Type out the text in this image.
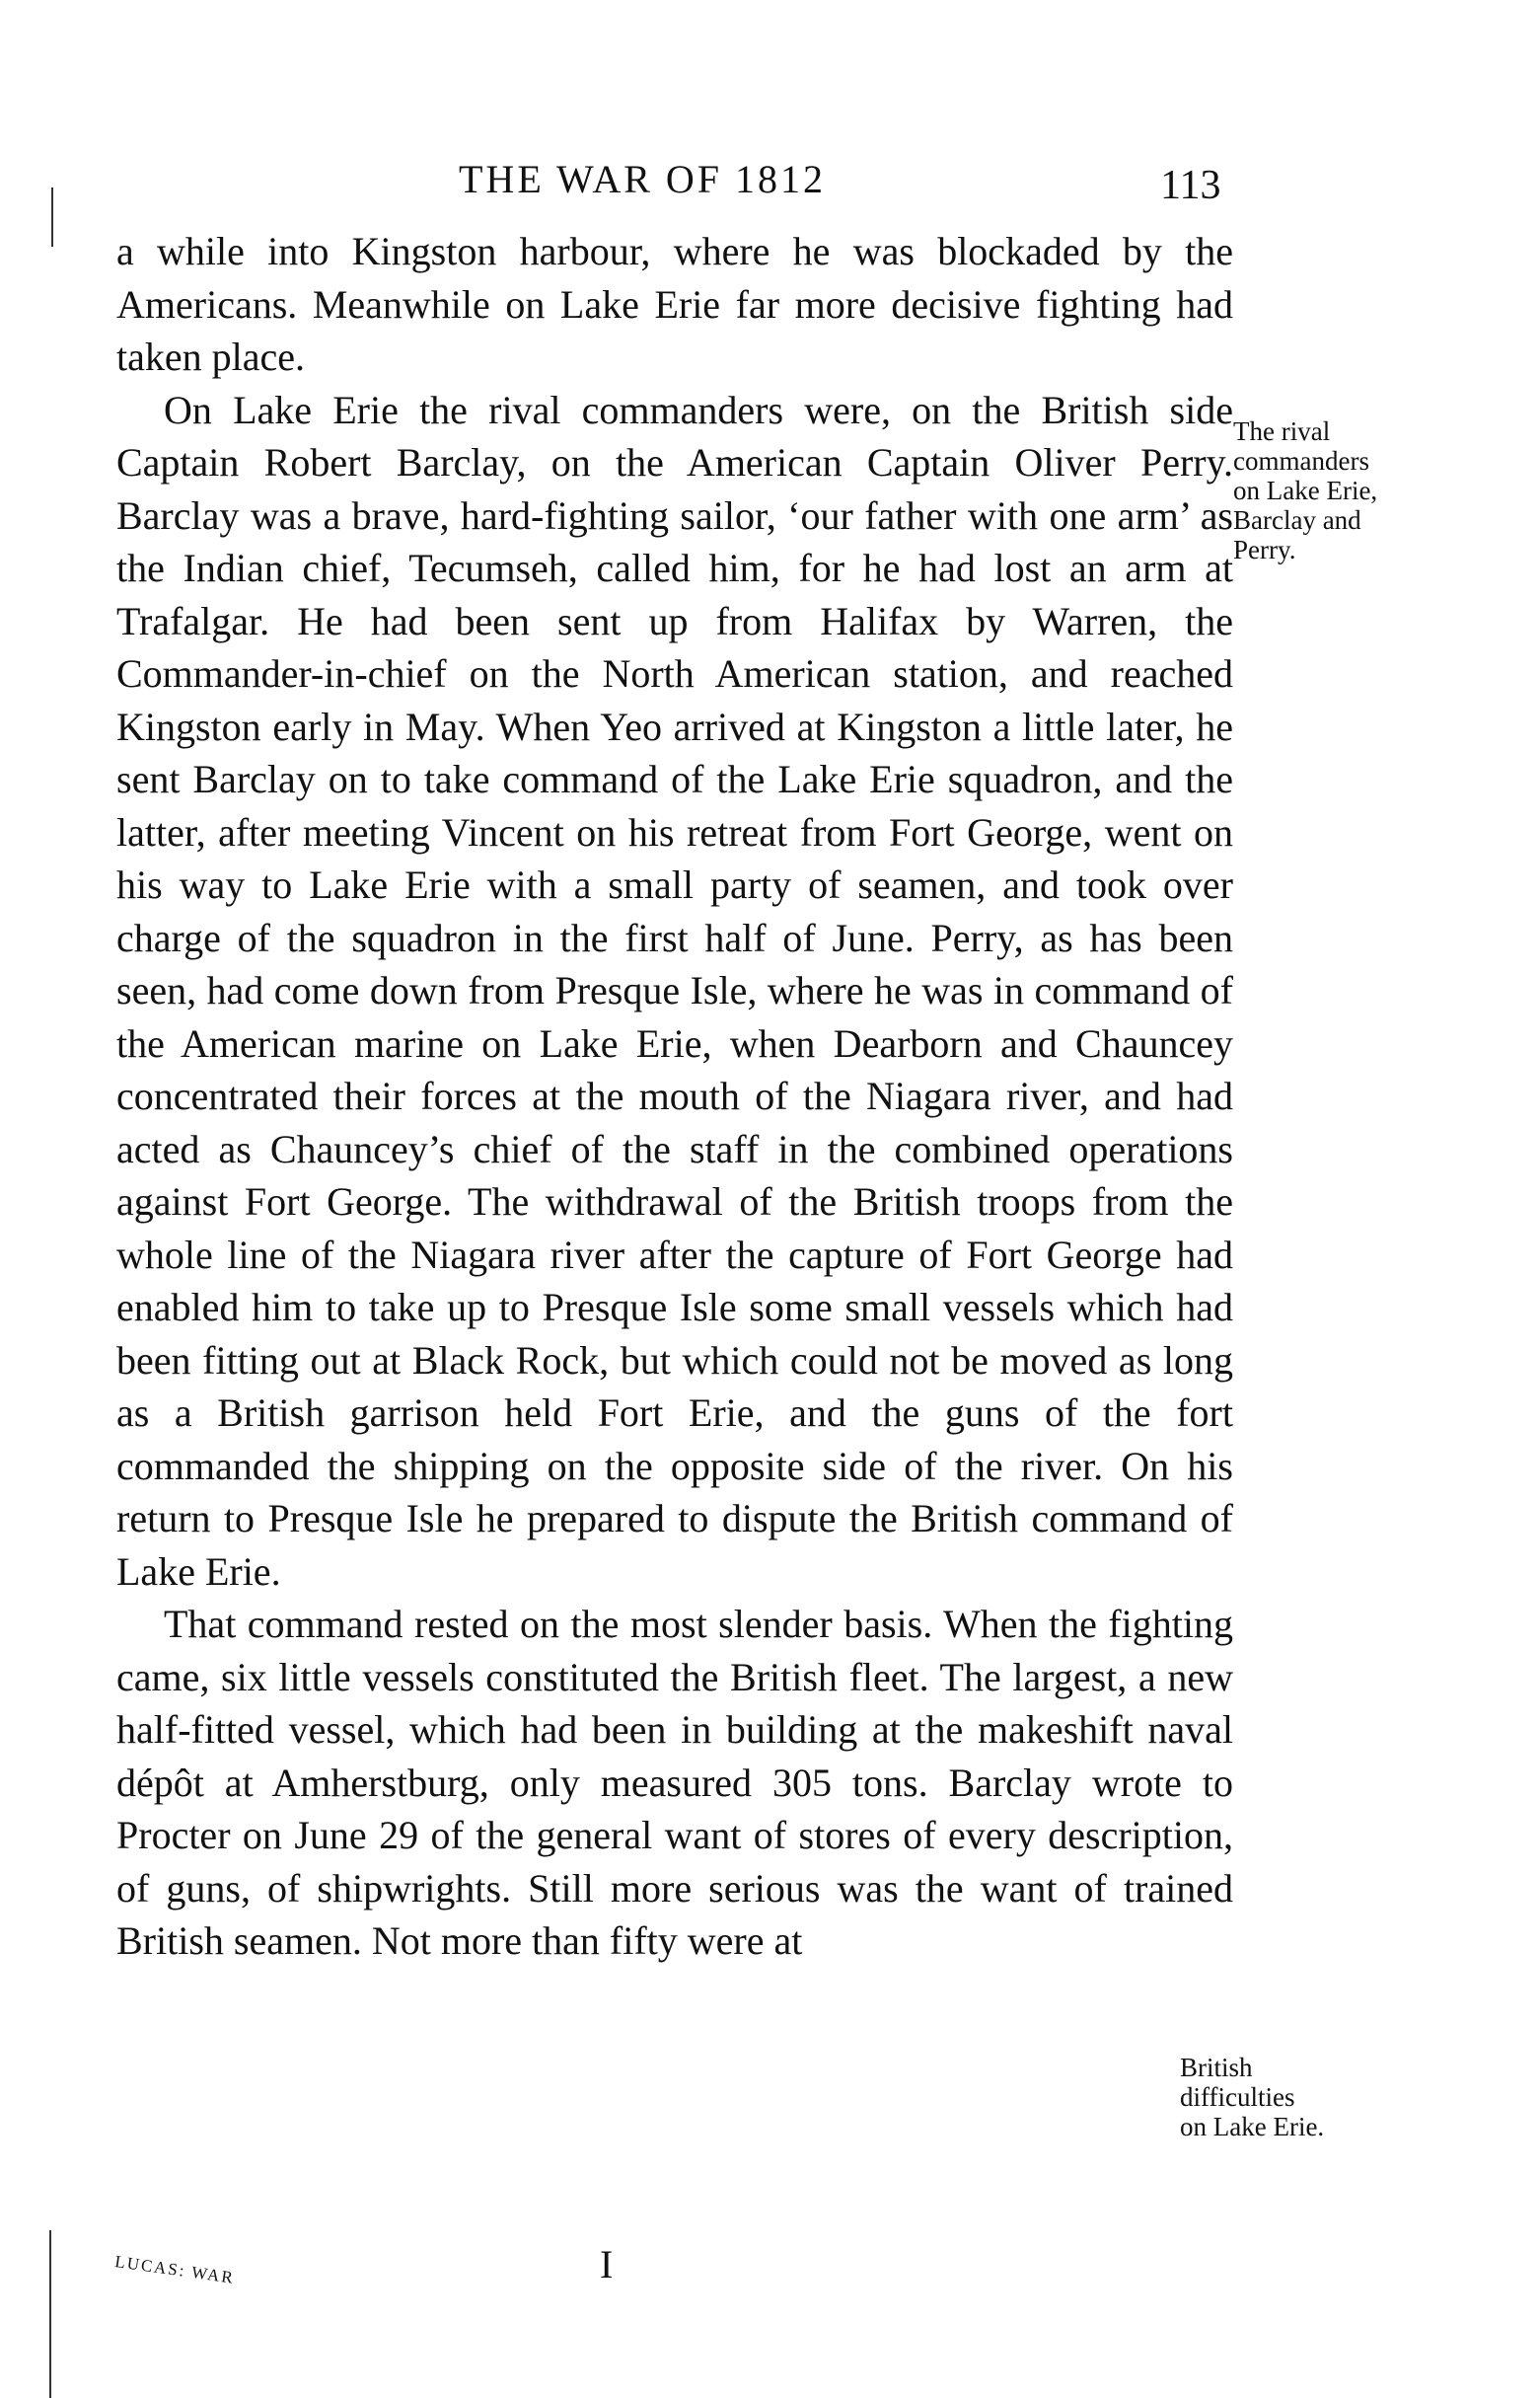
THE WAR OF 1812	113

a while into Kingston harbour, where he was blockaded by the Americans. Meanwhile on Lake Erie far more decisive fighting had taken place.

On Lake Erie the rival commanders were, on the British side Captain Robert Barclay, on the American Captain Oliver Perry. Barclay was a brave, hard-fighting sailor, ‘our father with one arm’ as the Indian chief, Tecumseh, called him, for he had lost an arm at Trafalgar. He had been sent up from Halifax by Warren, the Commander-in-chief on the North American station, and reached Kingston early in May. When Yeo arrived at Kingston a little later, he sent Barclay on to take command of the Lake Erie squadron, and the latter, after meeting Vincent on his retreat from Fort George, went on his way to Lake Erie with a small party of seamen, and took over charge of the squadron in the first half of June. Perry, as has been seen, had come down from Presque Isle, where he was in command of the American marine on Lake Erie, when Dearborn and Chauncey concentrated their forces at the mouth of the Niagara river, and had acted as Chauncey’s chief of the staff in the combined operations against Fort George. The withdrawal of the British troops from the whole line of the Niagara river after the capture of Fort George had enabled him to take up to Presque Isle some small vessels which had been fitting out at Black Rock, but which could not be moved as long as a British garrison held Fort Erie, and the guns of the fort commanded the shipping on the opposite side of the river. On his return to Presque Isle he prepared to dispute the British command of Lake Erie.

That command rested on the most slender basis. When the fighting came, six little vessels constituted the British fleet. The largest, a new half-fitted vessel, which had been in building at the makeshift naval dépôt at Amherstburg, only measured 305 tons. Barclay wrote to Procter on June 29 of the general want of stores of every description, of guns, of shipwrights. Still more serious was the want of trained British seamen. Not more than fifty were at

The rival commanders on Lake Erie, Barclay and Perry.
British difficulties on Lake Erie.
LUCAS: WAR	I
